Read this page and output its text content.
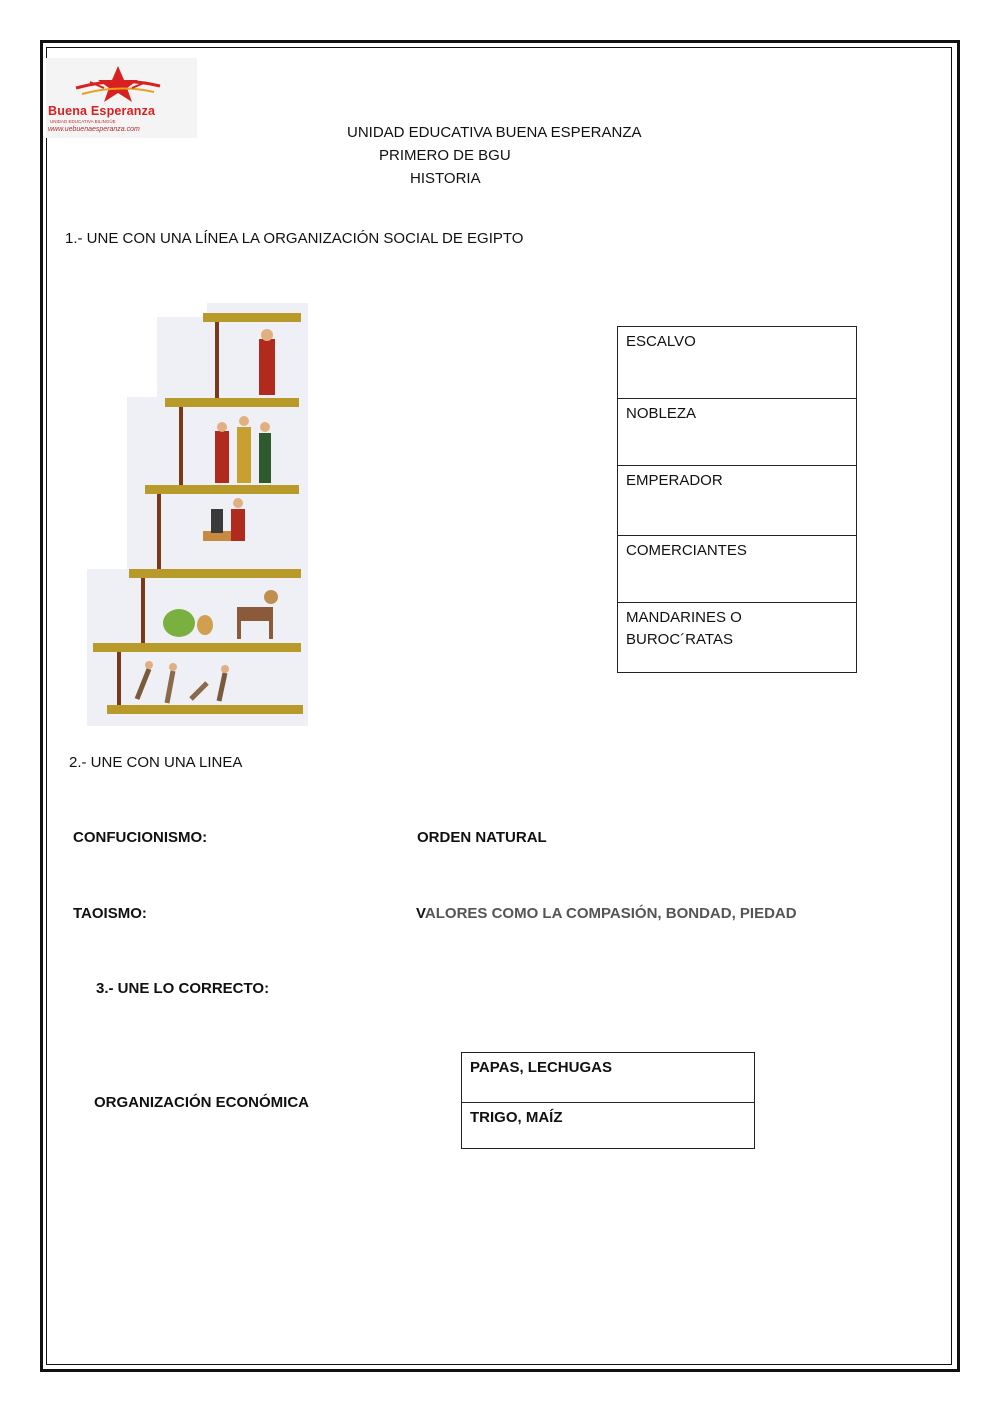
Buena Esperanza
UNIDAD EDUCATIVA BILINGÜE
www.uebuenaesperanza.com	UNIDAD EDUCATIVA BUENA ESPERANZA
PRIMERO DE BGU
HISTORIA
1.- UNE CON UNA LÍNEA LA ORGANIZACIÓN SOCIAL DE EGIPTO
ESCALVO
NOBLEZA
EMPERADOR
COMERCIANTES
MANDARINES O
BUROC´RATAS
2.- UNE CON UNA LINEA
CONFUCIONISMO:	ORDEN NATURAL
TAOISMO:	VALORES COMO LA COMPASIÓN, BONDAD, PIEDAD
3.- UNE LO CORRECTO:
ORGANIZACIÓN ECONÓMICA
PAPAS, LECHUGAS
TRIGO, MAÍZ
